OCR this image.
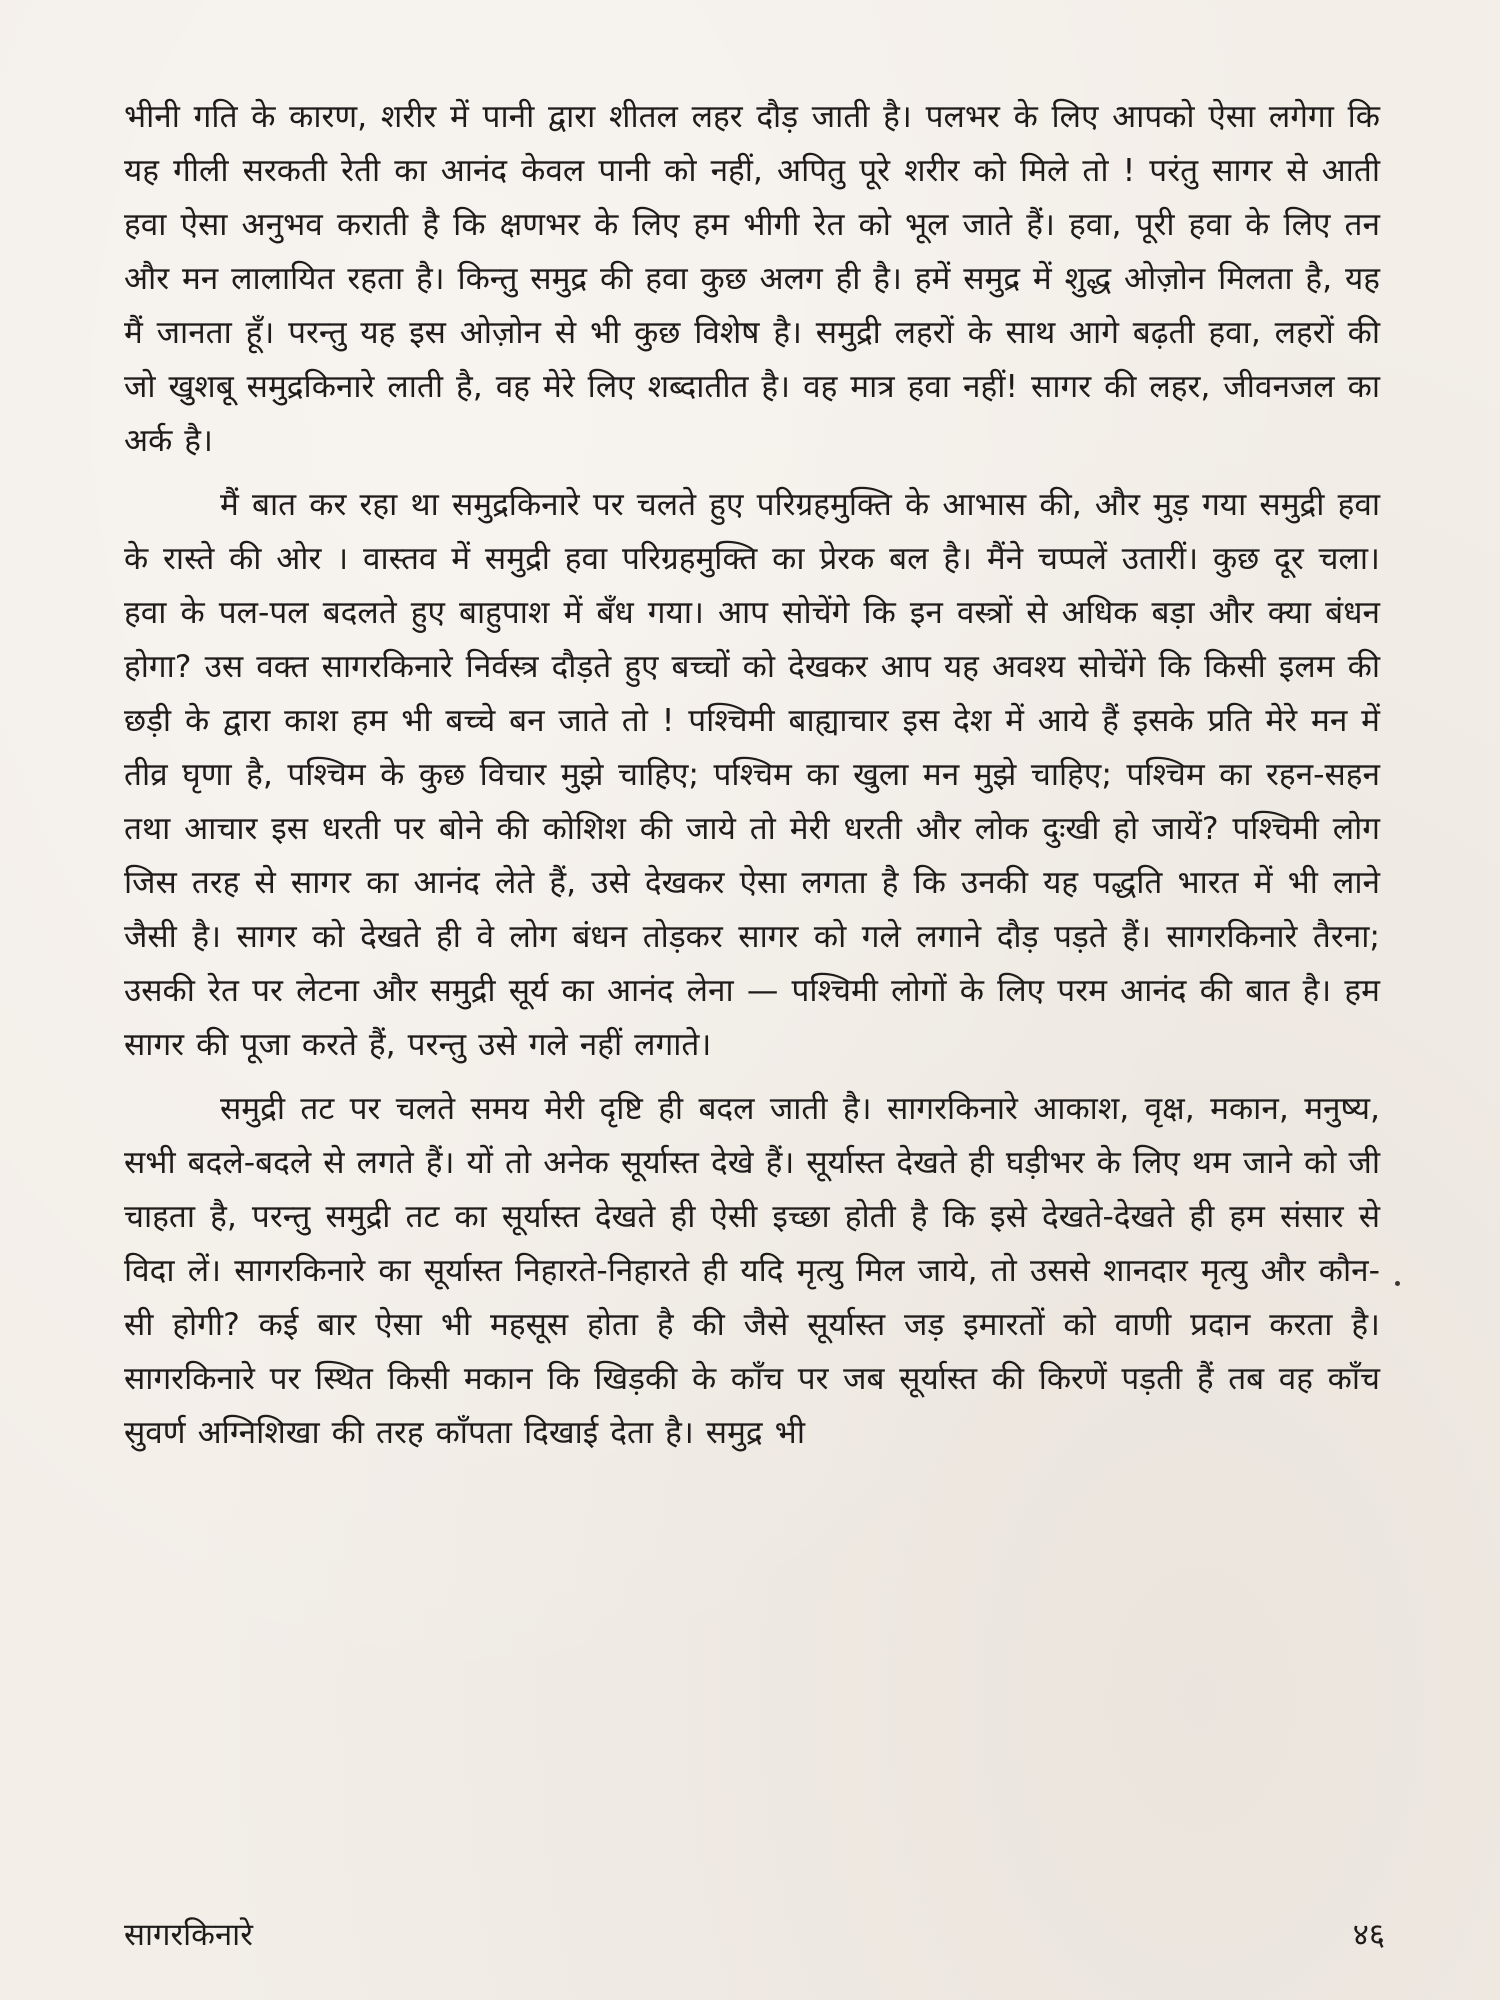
भीनी गति के कारण, शरीर में पानी द्वारा शीतल लहर दौड़ जाती है। पलभर के लिए आपको ऐसा लगेगा कि यह गीली सरकती रेती का आनंद केवल पानी को नहीं, अपितु पूरे शरीर को मिले तो ! परंतु सागर से आती हवा ऐसा अनुभव कराती है कि क्षणभर के लिए हम भीगी रेत को भूल जाते हैं। हवा, पूरी हवा के लिए तन और मन लालायित रहता है। किन्तु समुद्र की हवा कुछ अलग ही है। हमें समुद्र में शुद्ध ओज़ोन मिलता है, यह मैं जानता हूँ। परन्तु यह इस ओज़ोन से भी कुछ विशेष है। समुद्री लहरों के साथ आगे बढ़ती हवा, लहरों की जो खुशबू समुद्रकिनारे लाती है, वह मेरे लिए शब्दातीत है। वह मात्र हवा नहीं! सागर की लहर, जीवनजल का अर्क है।

मैं बात कर रहा था समुद्रकिनारे पर चलते हुए परिग्रहमुक्ति के आभास की, और मुड़ गया समुद्री हवा के रास्ते की ओर । वास्तव में समुद्री हवा परिग्रहमुक्ति का प्रेरक बल है। मैंने चप्पलें उतारीं। कुछ दूर चला। हवा के पल-पल बदलते हुए बाहुपाश में बँध गया। आप सोचेंगे कि इन वस्त्रों से अधिक बड़ा और क्या बंधन होगा? उस वक्त सागरकिनारे निर्वस्त्र दौड़ते हुए बच्चों को देखकर आप यह अवश्य सोचेंगे कि किसी इलम की छड़ी के द्वारा काश हम भी बच्चे बन जाते तो ! पश्चिमी बाह्याचार इस देश में आये हैं इसके प्रति मेरे मन में तीव्र घृणा है, पश्चिम के कुछ विचार मुझे चाहिए; पश्चिम का खुला मन मुझे चाहिए; पश्चिम का रहन-सहन तथा आचार इस धरती पर बोने की कोशिश की जाये तो मेरी धरती और लोक दुःखी हो जायें? पश्चिमी लोग जिस तरह से सागर का आनंद लेते हैं, उसे देखकर ऐसा लगता है कि उनकी यह पद्धति भारत में भी लाने जैसी है। सागर को देखते ही वे लोग बंधन तोड़कर सागर को गले लगाने दौड़ पड़ते हैं। सागरकिनारे तैरना; उसकी रेत पर लेटना और समुद्री सूर्य का आनंद लेना — पश्चिमी लोगों के लिए परम आनंद की बात है। हम सागर की पूजा करते हैं, परन्तु उसे गले नहीं लगाते।

समुद्री तट पर चलते समय मेरी दृष्टि ही बदल जाती है। सागरकिनारे आकाश, वृक्ष, मकान, मनुष्य, सभी बदले-बदले से लगते हैं। यों तो अनेक सूर्यास्त देखे हैं। सूर्यास्त देखते ही घड़ीभर के लिए थम जाने को जी चाहता है, परन्तु समुद्री तट का सूर्यास्त देखते ही ऐसी इच्छा होती है कि इसे देखते-देखते ही हम संसार से विदा लें। सागरकिनारे का सूर्यास्त निहारते-निहारते ही यदि मृत्यु मिल जाये, तो उससे शानदार मृत्यु और कौन-सी होगी? कई बार ऐसा भी महसूस होता है की जैसे सूर्यास्त जड़ इमारतों को वाणी प्रदान करता है। सागरकिनारे पर स्थित किसी मकान कि खिड़की के काँच पर जब सूर्यास्त की किरणें पड़ती हैं तब वह काँच सुवर्ण अग्निशिखा की तरह काँपता दिखाई देता है। समुद्र भी

सागरकिनारे	४६
